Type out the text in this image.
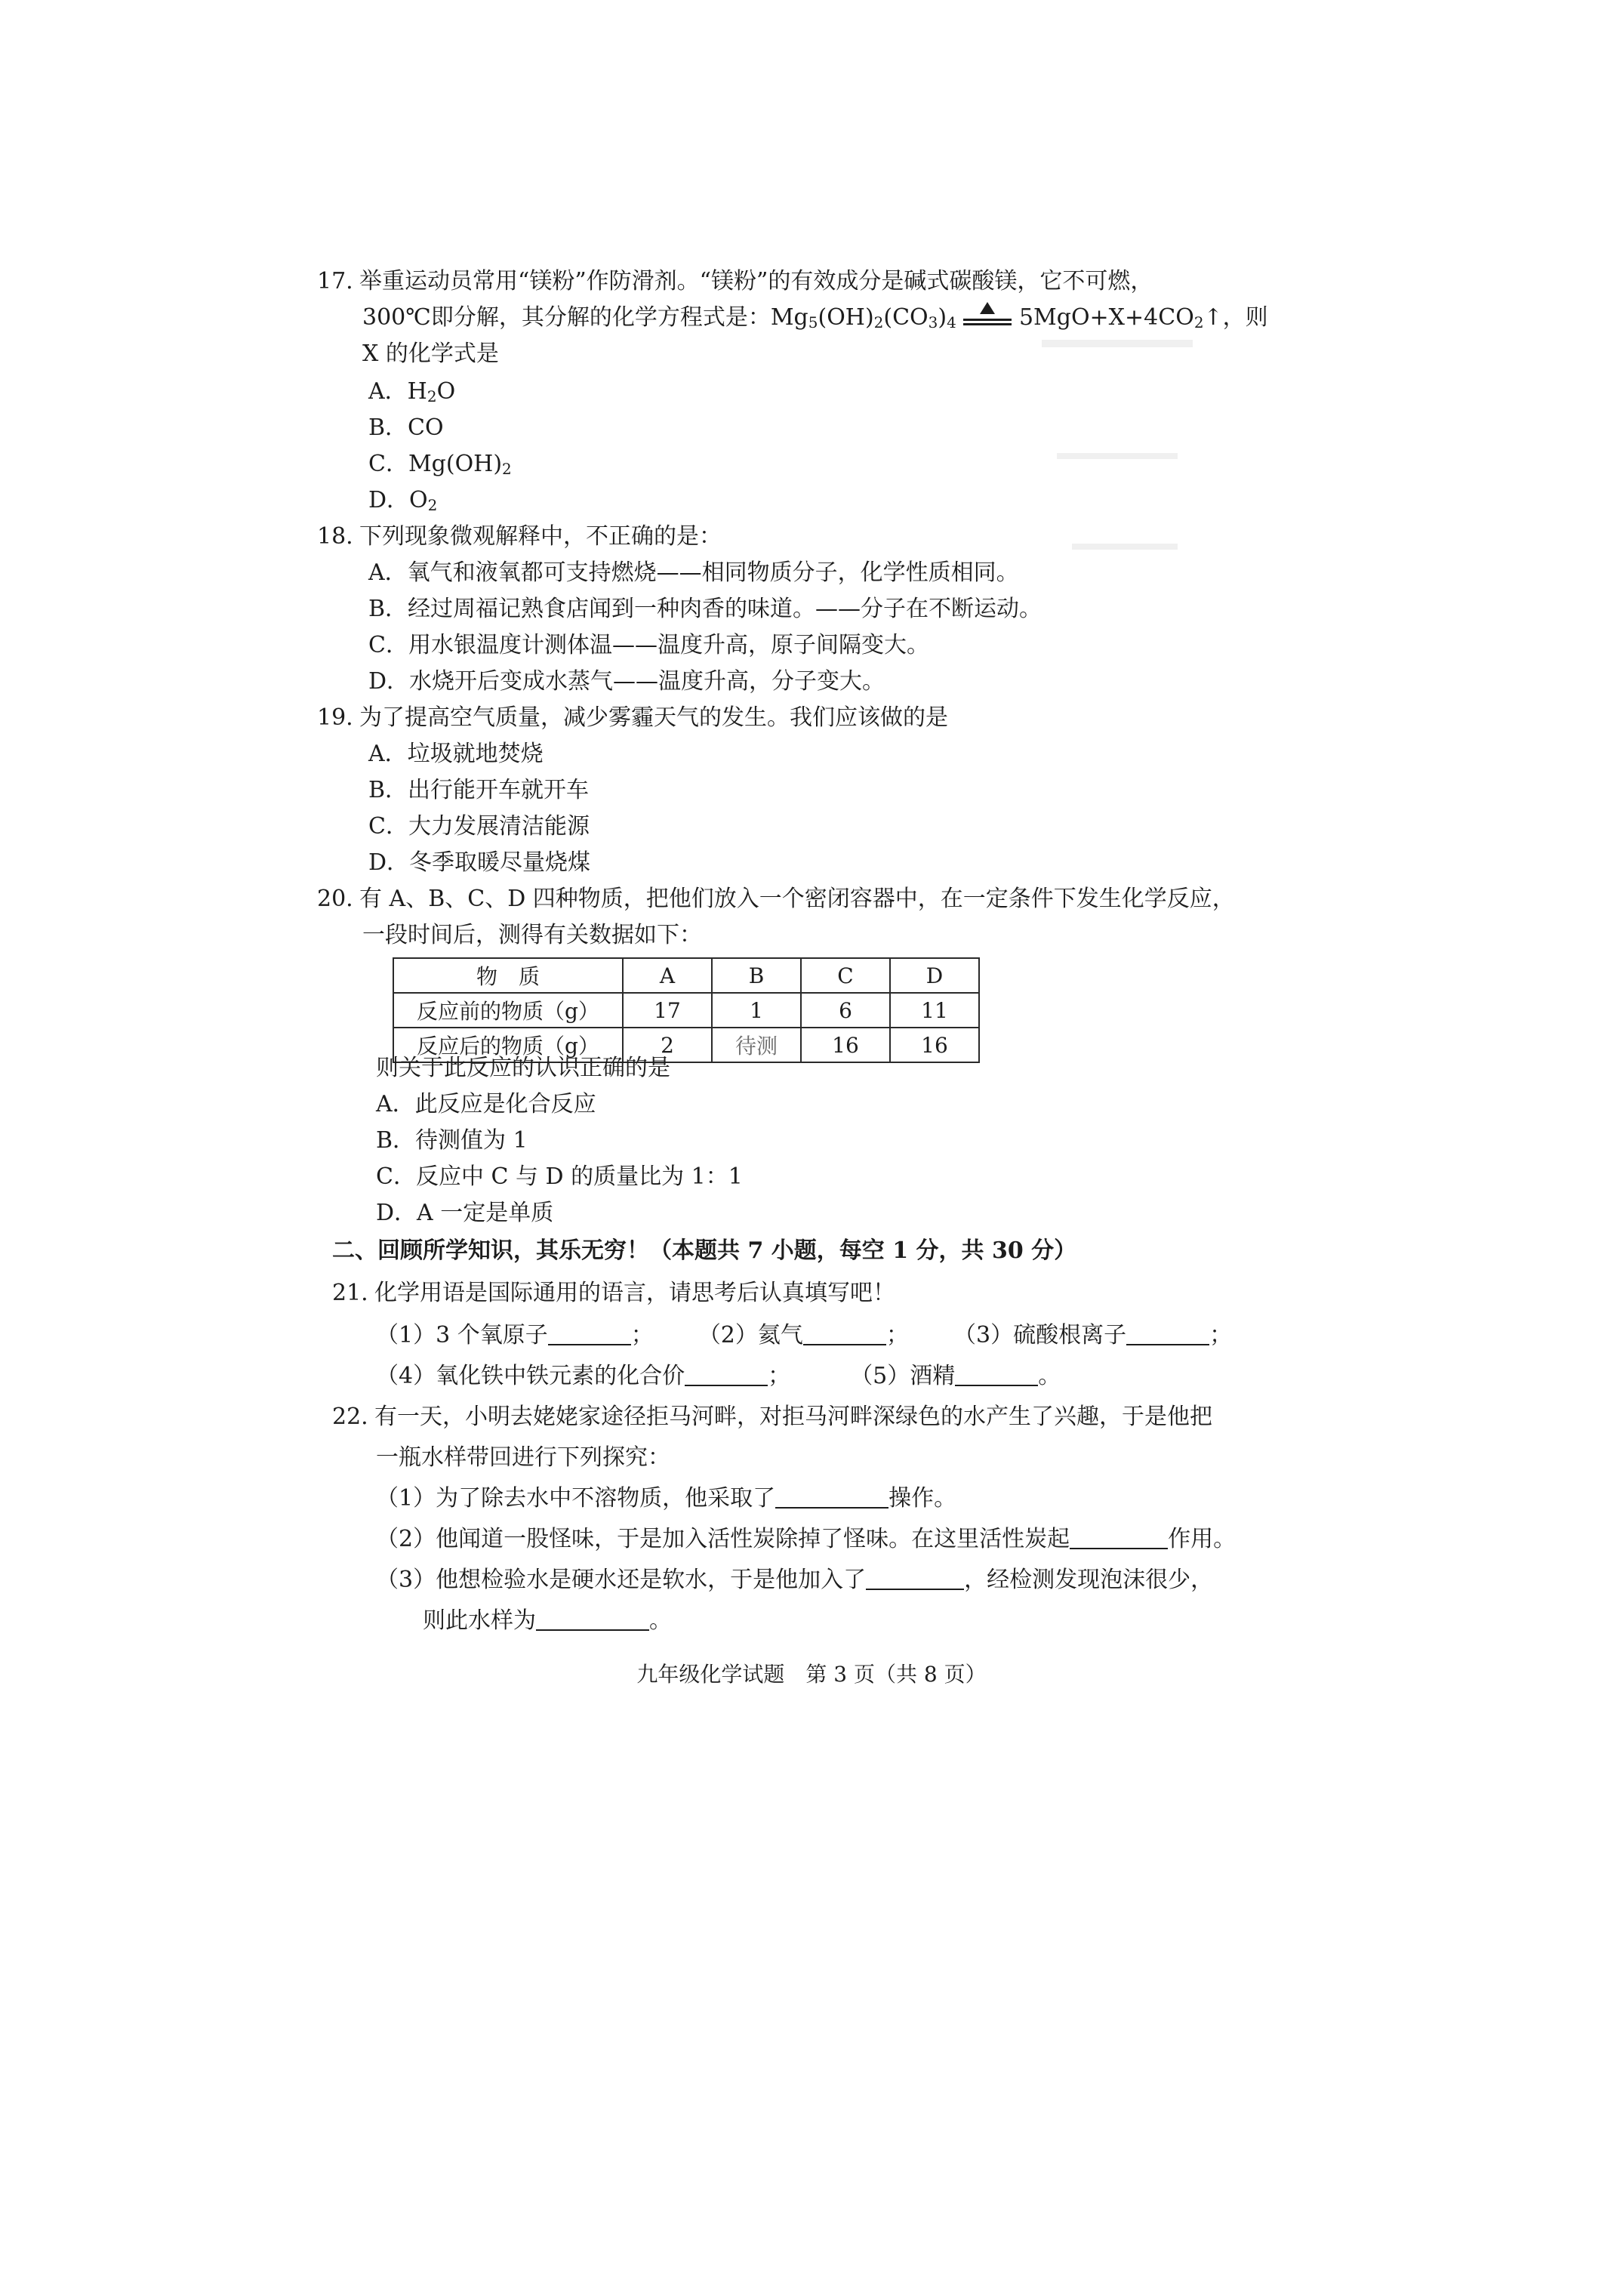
17. 举重运动员常用“镁粉”作防滑剂。“镁粉”的有效成分是碱式碳酸镁，它不可燃，
300℃即分解，其分解的化学方程式是：$Mg_5(OH)_2(CO_3)_4$	$5MgO+X+4CO_2↑$，则
X 的化学式是
A．$H_2O$
B．CO
C．$Mg(OH)_2$
D．$O_2$
18. 下列现象微观解释中，不正确的是：
A．氧气和液氧都可支持燃烧——相同物质分子，化学性质相同。
B．经过周福记熟食店闻到一种肉香的味道。——分子在不断运动。
C．用水银温度计测体温——温度升高，原子间隔变大。
D．水烧开后变成水蒸气——温度升高，分子变大。
19. 为了提高空气质量，减少雾霾天气的发生。我们应该做的是
A．垃圾就地焚烧
B．出行能开车就开车
C．大力发展清洁能源
D．冬季取暖尽量烧煤
20. 有 A、B、C、D 四种物质，把他们放入一个密闭容器中，在一定条件下发生化学反应，
一段时间后，测得有关数据如下：
物　质	A	B	C	D
反应前的物质（g）	17	1	6	11
反应后的物质（g）	2	待测	16	16
则关于此反应的认识正确的是
A．此反应是化合反应
B．待测值为 1
C．反应中 C 与 D 的质量比为 1：1
D．A 一定是单质
二、回顾所学知识，其乐无穷！（本题共 7 小题，每空 1 分，共 30 分）
21. 化学用语是国际通用的语言，请思考后认真填写吧！
（1）3 个氧原子	； （2）氦气	； （3）硫酸根离子	；
（4）氧化铁中铁元素的化合价	；	（5）酒精	。
22. 有一天，小明去姥姥家途径拒马河畔，对拒马河畔深绿色的水产生了兴趣，于是他把
一瓶水样带回进行下列探究：
（1）为了除去水中不溶物质，他采取了	操作。
（2）他闻道一股怪味，于是加入活性炭除掉了怪味。在这里活性炭起	作用。
（3）他想检验水是硬水还是软水，于是他加入了	，经检测发现泡沫很少，
则此水样为	。
九年级化学试题　第 3 页（共 8 页）
